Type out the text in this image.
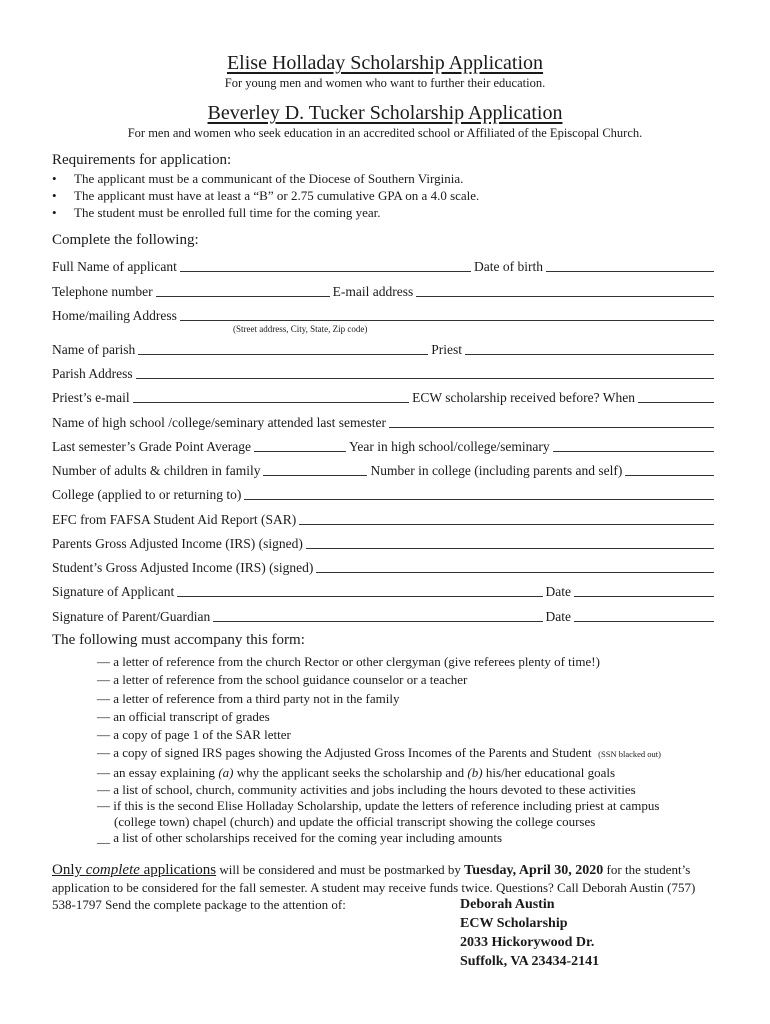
Elise Holladay Scholarship Application
For young men and women who want to further their education.
Beverley D. Tucker Scholarship Application
For men and women who seek education in an accredited school or Affiliated of the Episcopal Church.
Requirements for application:
• The applicant must be a communicant of the Diocese of Southern Virginia.
• The applicant must have at least a “B” or 2.75 cumulative GPA on a 4.0 scale.
• The student must be enrolled full time for the coming year.
Complete the following:
Full Name of applicant	Date of birth
Telephone number	E-mail address
Home/mailing Address
(Street address, City, State, Zip code)
Name of parish	Priest
Parish Address
Priest’s e-mail	ECW scholarship received before? When
Name of high school /college/seminary attended last semester
Last semester’s Grade Point Average	Year in high school/college/seminary
Number of adults & children in family	Number in college (including parents and self)
College (applied to or returning to)
EFC from FAFSA Student Aid Report (SAR)
Parents Gross Adjusted Income (IRS) (signed)
Student’s Gross Adjusted Income (IRS) (signed)
Signature of Applicant	Date
Signature of Parent/Guardian	Date
The following must accompany this form:
— a letter of reference from the church Rector or other clergyman (give referees plenty of time!)
— a letter of reference from the school guidance counselor or a teacher
— a letter of reference from a third party not in the family
— an official transcript of grades
— a copy of page 1 of the SAR letter
— a copy of signed IRS pages showing the Adjusted Gross Incomes of the Parents and Student (SSN blacked out)
— an essay explaining (a) why the applicant seeks the scholarship and (b) his/her educational goals
— a list of school, church, community activities and jobs including the hours devoted to these activities
— if this is the second Elise Holladay Scholarship, update the letters of reference including priest at campus
(college town) chapel (church) and update the official transcript showing the college courses
__ a list of other scholarships received for the coming year including amounts
Only complete applications will be considered and must be postmarked by Tuesday, April 30, 2020 for the student’s application to be considered for the fall semester. A student may receive funds twice. Questions? Call Deborah Austin (757) 538-1797 Send the complete package to the attention of:	Deborah Austin
ECW Scholarship
2033 Hickorywood Dr.
Suffolk, VA 23434-2141
